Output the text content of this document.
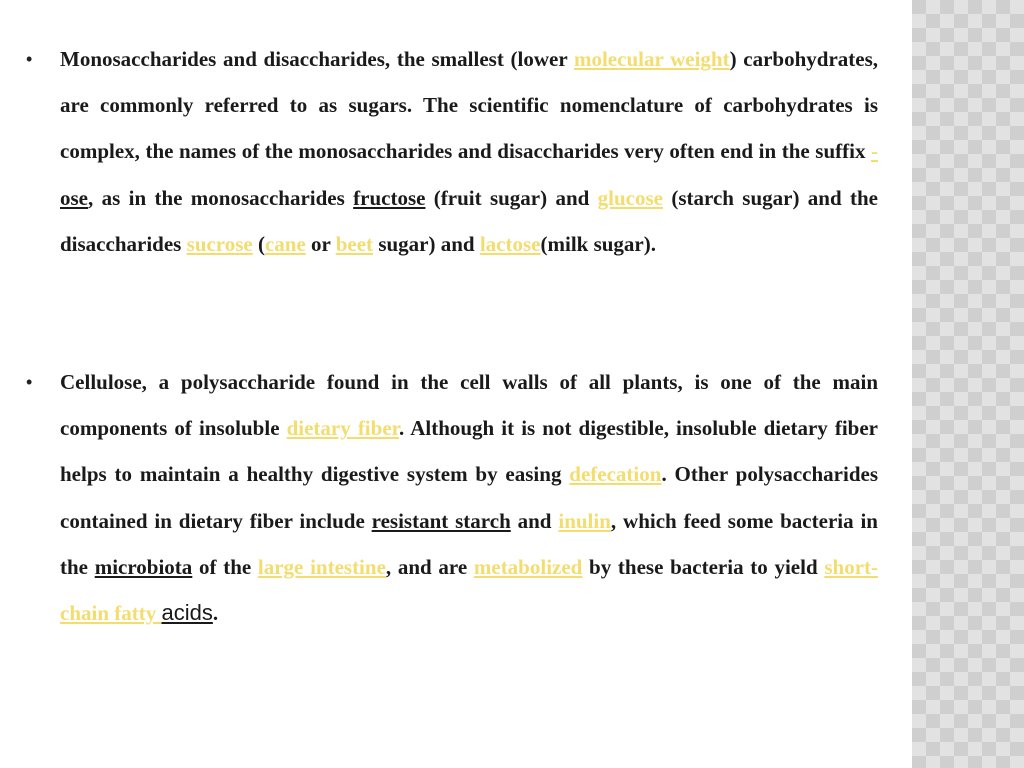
• Monosaccharides and disaccharides, the smallest (lower molecular weight) carbohydrates, are commonly referred to as sugars. The scientific nomenclature of carbohydrates is complex, the names of the monosaccharides and disaccharides very often end in the suffix -ose, as in the monosaccharides fructose (fruit sugar) and glucose (starch sugar) and the disaccharides sucrose (cane or beet sugar) and lactose(milk sugar).
• Cellulose, a polysaccharide found in the cell walls of all plants, is one of the main components of insoluble dietary fiber. Although it is not digestible, insoluble dietary fiber helps to maintain a healthy digestive system by easing defecation. Other polysaccharides contained in dietary fiber include resistant starch and inulin, which feed some bacteria in the microbiota of the large intestine, and are metabolized by these bacteria to yield short-chain fatty acids.
